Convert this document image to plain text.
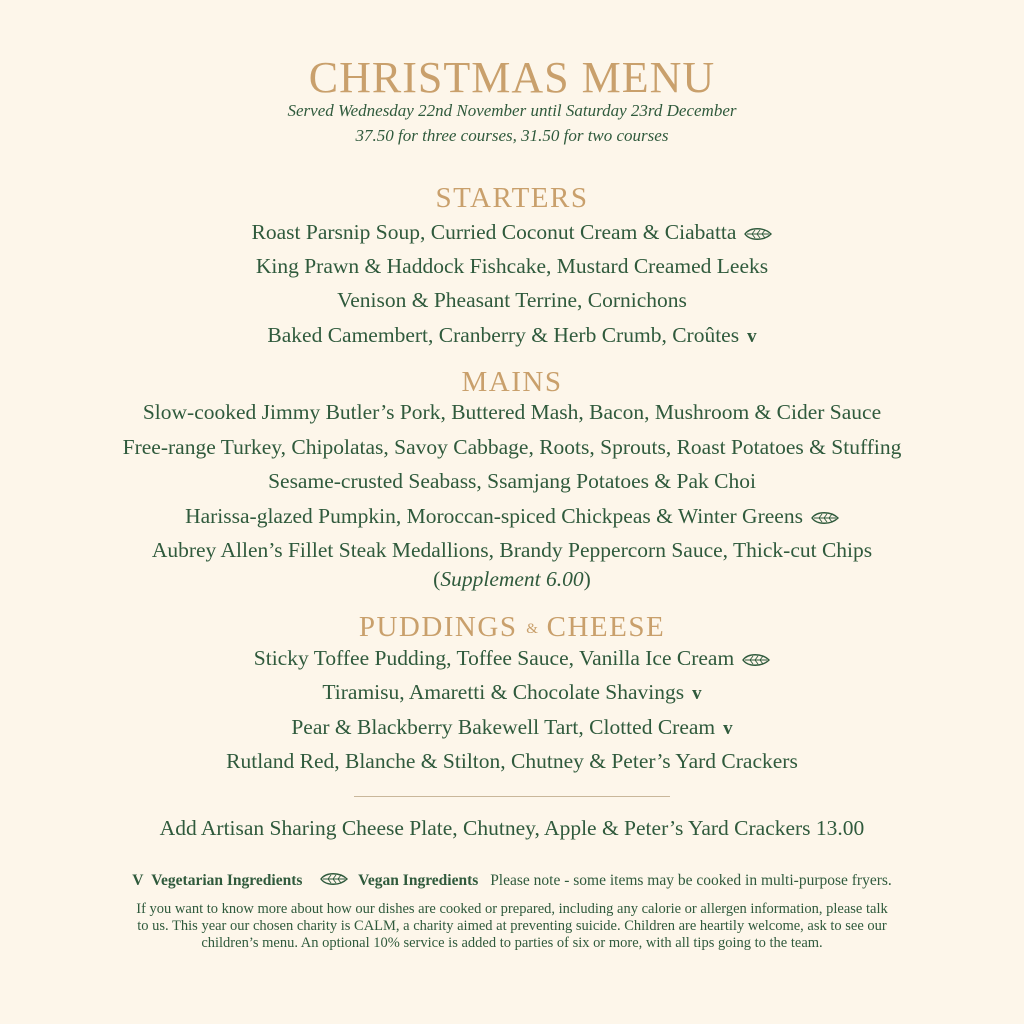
CHRISTMAS MENU
Served Wednesday 22nd November until Saturday 23rd December
37.50 for three courses, 31.50 for two courses
STARTERS
Roast Parsnip Soup, Curried Coconut Cream & Ciabatta
King Prawn & Haddock Fishcake, Mustard Creamed Leeks
Venison & Pheasant Terrine, Cornichons
Baked Camembert, Cranberry & Herb Crumb, Croûtes v
MAINS
Slow-cooked Jimmy Butler’s Pork, Buttered Mash, Bacon, Mushroom & Cider Sauce
Free-range Turkey, Chipolatas, Savoy Cabbage, Roots, Sprouts, Roast Potatoes & Stuffing
Sesame-crusted Seabass, Ssamjang Potatoes & Pak Choi
Harissa-glazed Pumpkin, Moroccan-spiced Chickpeas & Winter Greens
Aubrey Allen’s Fillet Steak Medallions, Brandy Peppercorn Sauce, Thick-cut Chips
(Supplement 6.00)
PUDDINGS & CHEESE
Sticky Toffee Pudding, Toffee Sauce, Vanilla Ice Cream
Tiramisu, Amaretti & Chocolate Shavings v
Pear & Blackberry Bakewell Tart, Clotted Cream v
Rutland Red, Blanche & Stilton, Chutney & Peter’s Yard Crackers
Add Artisan Sharing Cheese Plate, Chutney, Apple & Peter’s Yard Crackers 13.00
V Vegetarian Ingredients	Vegan Ingredients Please note - some items may be cooked in multi-purpose fryers.
If you want to know more about how our dishes are cooked or prepared, including any calorie or allergen information, please talk
to us. This year our chosen charity is CALM, a charity aimed at preventing suicide. Children are heartily welcome, ask to see our
children’s menu. An optional 10% service is added to parties of six or more, with all tips going to the team.
